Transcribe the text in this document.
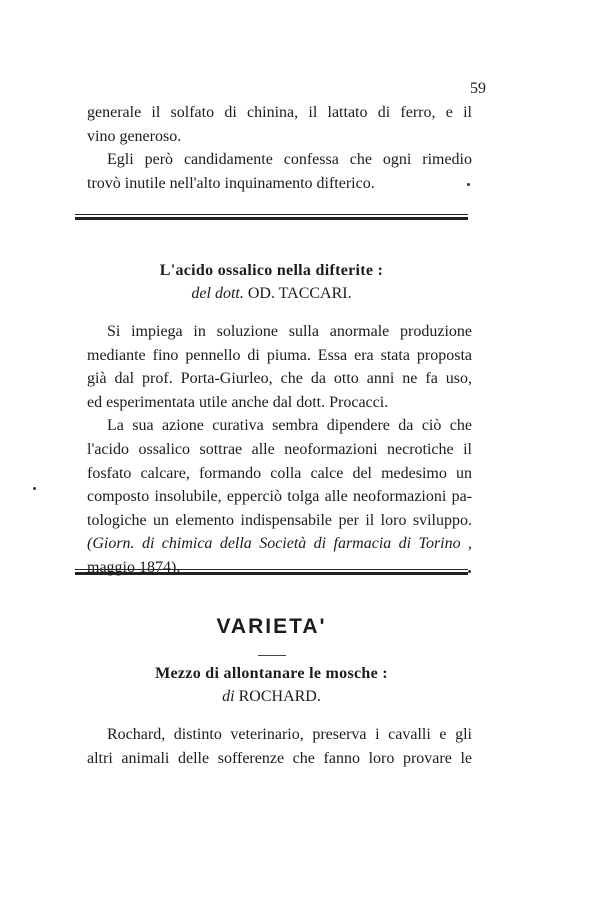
59
generale il solfato di chinina, il lattato di ferro, e il
vino generoso.
Egli però candidamente confessa che ogni rimedio
trovò inutile nell'alto inquinamento difterico.
L'acido ossalico nella difterite :
del dott. OD. TACCARI.
Si impiega in soluzione sulla anormale produzione
mediante fino pennello di piuma. Essa era stata proposta
già dal prof. Porta-Giurleo, che da otto anni ne fa uso,
ed esperimentata utile anche dal dott. Procacci.
La sua azione curativa sembra dipendere da ciò che
l'acido ossalico sottrae alle neoformazioni necrotiche il
fosfato calcare, formando colla calce del medesimo un
composto insolubile, epperciò tolga alle neoformazioni pa-
tologiche un elemento indispensabile per il loro sviluppo.
(Giorn. di chimica della Società di farmacia di Torino ,
maggio 1874).
VARIETA'
Mezzo di allontanare le mosche :
di ROCHARD.
Rochard, distinto veterinario, preserva i cavalli e gli
altri animali delle sofferenze che fanno loro provare le
